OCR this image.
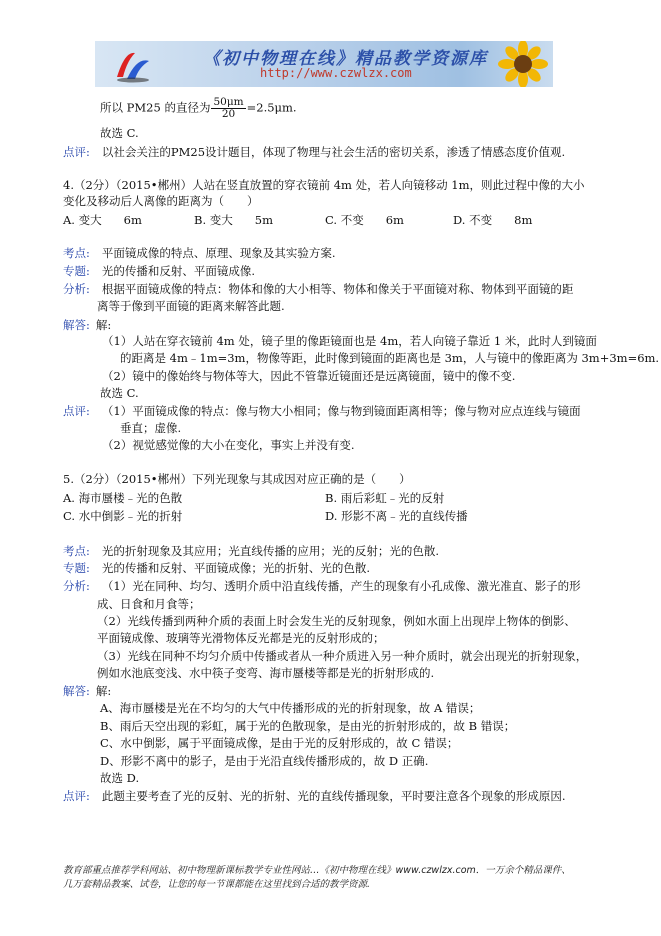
《初中物理在线》精品教学资源库
http://www.czwlzx.com
所以 PM25 的直径为 $\frac{50\mu m}{20} =2.5\mu m$.
故选 C.
点评: 以社会关注的PM25设计题目，体现了物理与社会生活的密切关系，渗透了情感态度价值观.
4.（2分）（2015•郴州）人站在竖直放置的穿衣镜前 4m 处，若人向镜移动 1m，则此过程中像的大小
变化及移动后人离像的距离为（　　）
A. 变大 6m	B. 变大 5m	C. 不变 6m	D. 不变 8m
考点: 平面镜成像的特点、原理、现象及其实验方案.
专题: 光的传播和反射、平面镜成像.
分析: 根据平面镜成像的特点：物体和像的大小相等、物体和像关于平面镜对称、物体到平面镜的距
离等于像到平面镜的距离来解答此题.
解答: 解:
（1）人站在穿衣镜前 4m 处，镜子里的像距镜面也是 4m，若人向镜子靠近 1 米，此时人到镜面
的距离是 4m﹣1m=3m，物像等距，此时像到镜面的距离也是 3m，人与镜中的像距离为 3m+3m=6m.
（2）镜中的像始终与物体等大，因此不管靠近镜面还是远离镜面，镜中的像不变.
故选 C.
点评: （1）平面镜成像的特点：像与物大小相同；像与物到镜面距离相等；像与物对应点连线与镜面
垂直；虚像.
（2）视觉感觉像的大小在变化，事实上并没有变.
5.（2分）（2015•郴州）下列光现象与其成因对应正确的是（　　）
A. 海市蜃楼﹣光的色散	B. 雨后彩虹﹣光的反射
C. 水中倒影﹣光的折射	D. 形影不离﹣光的直线传播
考点: 光的折射现象及其应用；光直线传播的应用；光的反射；光的色散.
专题: 光的传播和反射、平面镜成像；光的折射、光的色散.
分析: （1）光在同种、均匀、透明介质中沿直线传播，产生的现象有小孔成像、激光准直、影子的形
成、日食和月食等；
（2）光线传播到两种介质的表面上时会发生光的反射现象，例如水面上出现岸上物体的倒影、
平面镜成像、玻璃等光滑物体反光都是光的反射形成的；
（3）光线在同种不均匀介质中传播或者从一种介质进入另一种介质时，就会出现光的折射现象，
例如水池底变浅、水中筷子变弯、海市蜃楼等都是光的折射形成的.
解答: 解:
A、海市蜃楼是光在不均匀的大气中传播形成的光的折射现象，故 A 错误；
B、雨后天空出现的彩虹，属于光的色散现象，是由光的折射形成的，故 B 错误；
C、水中倒影，属于平面镜成像，是由于光的反射形成的，故 C 错误；
D、形影不离中的影子，是由于光沿直线传播形成的，故 D 正确.
故选 D.
点评: 此题主要考查了光的反射、光的折射、光的直线传播现象，平时要注意各个现象的形成原因.
教育部重点推荐学科网站、初中物理新课标教学专业性网站…《初中物理在线》www.czwlzx.com．一万余个精品课件、
几万套精品教案、试卷，让您的每一节课都能在这里找到合适的教学资源.
